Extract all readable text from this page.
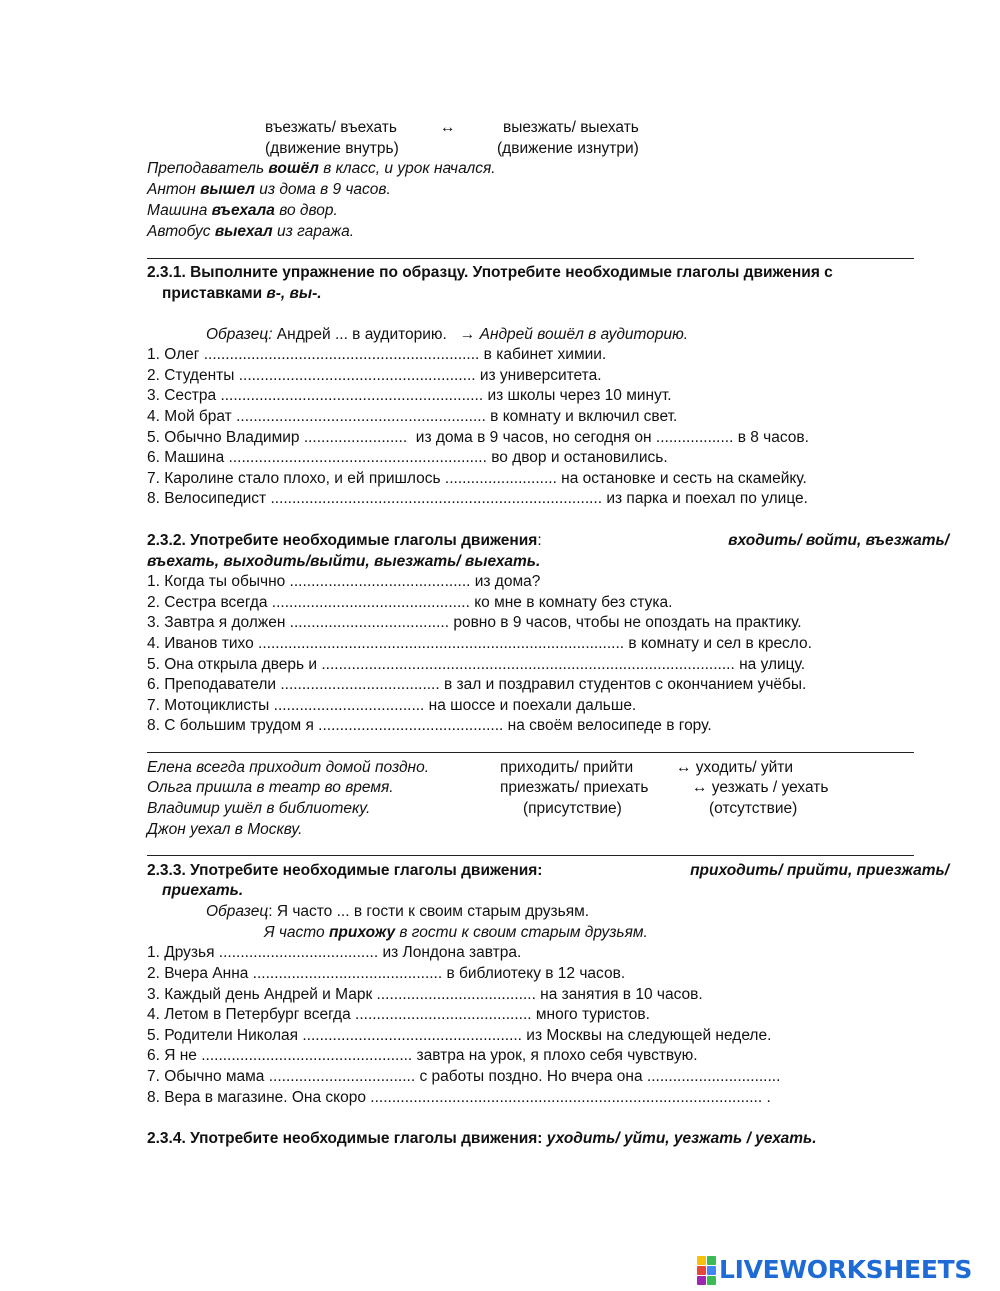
въезжать/ въехать	↔	выезжать/ выехать
(движение внутрь)	(движение изнутри)
Преподаватель вошёл в класс, и урок начался.
Антон вышел из дома в 9 часов.
Машина въехала во двор.
Автобус выехал из гаража.
2.3.1. Выполните упражнение по образцу. Употребите необходимые глаголы движения с
приставками в-, вы-.
Образец: Андрей ... в аудиторию. → Андрей вошёл в аудиторию.
1. Олег ................................................................ в кабинет химии.
2. Студенты ....................................................... из университета.
3. Сестра ............................................................. из школы через 10 минут.
4. Мой брат .......................................................... в комнату и включил свет.
5. Обычно Владимир ........................  из дома в 9 часов, но сегодня он .................. в 8 часов.
6. Машина ............................................................ во двор и остановились.
7. Каролине стало плохо, и ей пришлось .......................... на остановке и сесть на скамейку.
8. Велосипедист ............................................................................. из парка и поехал по улице.
2.3.2. Употребите необходимые глаголы движения:	входить/ войти, въезжать/
въехать, выходить/выйти, выезжать/ выехать.
1. Когда ты обычно .......................................... из дома?
2. Сестра всегда .............................................. ко мне в комнату без стука.
3. Завтра я должен ..................................... ровно в 9 часов, чтобы не опоздать на практику.
4. Иванов тихо ..................................................................................... в комнату и сел в кресло.
5. Она открыла дверь и ................................................................................................ на улицу.
6. Преподаватели ..................................... в зал и поздравил студентов с окончанием учёбы.
7. Мотоциклисты ................................... на шоссе и поехали дальше.
8. С большим трудом я ........................................... на своём велосипеде в гору.
Елена всегда приходит домой поздно.
Ольга пришла в театр во время.
Владимир ушёл в библиотеку.
Джон уехал в Москву.
приходить/ прийти	↔ уходить/ уйти
приезжать/ приехать	↔ уезжать / уехать
(присутствие)	(отсутствие)
2.3.3. Употребите необходимые глаголы движения:	приходить/ прийти, приезжать/
приехать.
Образец: Я часто ... в гости к своим старым друзьям.
Я часто прихожу в гости к своим старым друзьям.
1. Друзья ..................................... из Лондона завтра.
2. Вчера Анна ............................................ в библиотеку в 12 часов.
3. Каждый день Андрей и Марк ..................................... на занятия в 10 часов.
4. Летом в Петербург всегда ......................................... много туристов.
5. Родители Николая ................................................... из Москвы на следующей неделе.
6. Я не ................................................. завтра на урок, я плохо себя чувствую.
7. Обычно мама .................................. с работы поздно. Но вчера она ...............................
8. Вера в магазине. Она скоро ........................................................................................... .
2.3.4. Употребите необходимые глаголы движения: уходить/ уйти, уезжать / уехать.
LIVEWORKSHEETS
